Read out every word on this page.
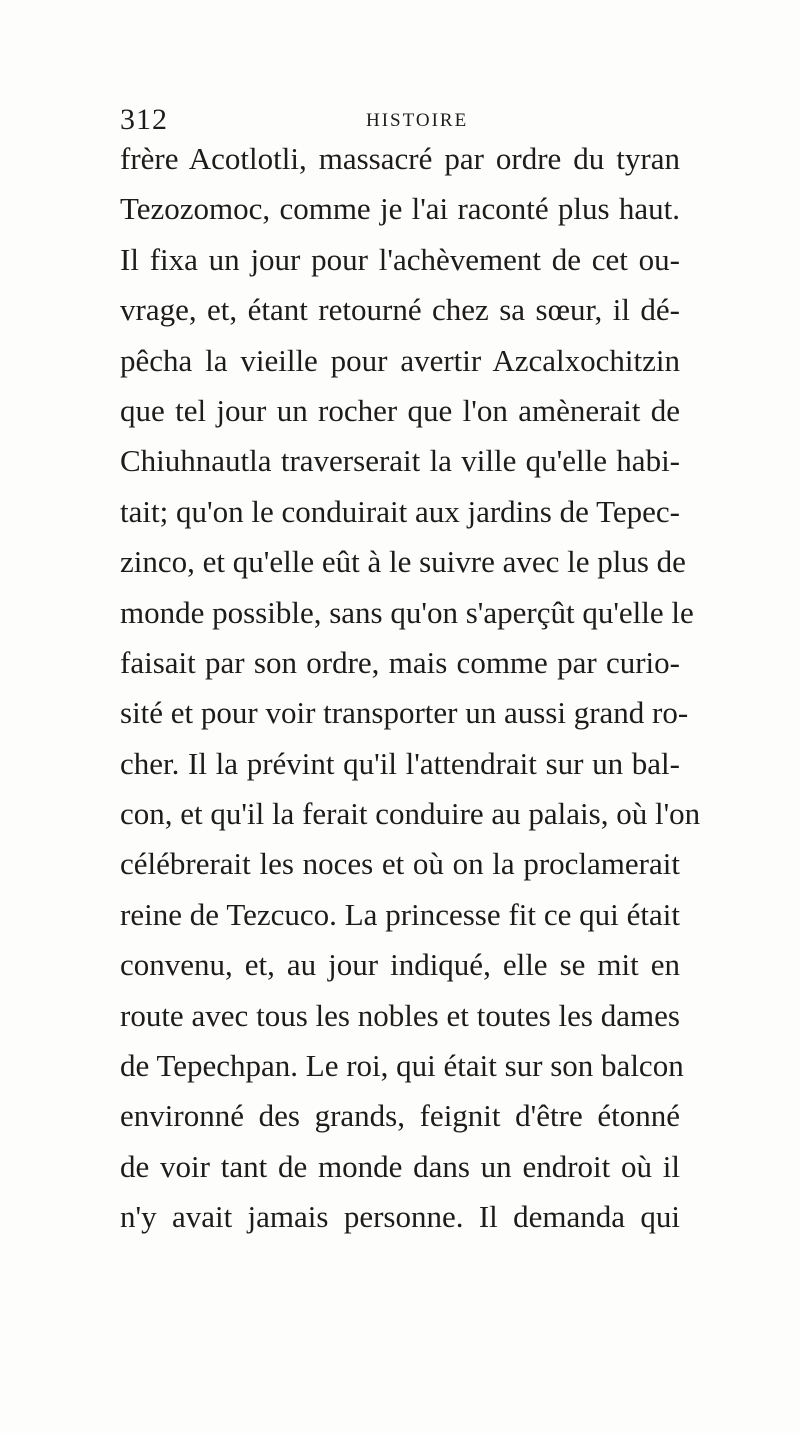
312	HISTOIRE
frère Acotlotli, massacré par ordre du tyran
Tezozomoc, comme je l'ai raconté plus haut.
Il fixa un jour pour l'achèvement de cet ou-
vrage, et, étant retourné chez sa sœur, il dé-
pêcha la vieille pour avertir Azcalxochitzin
que tel jour un rocher que l'on amènerait de
Chiuhnautla traverserait la ville qu'elle habi-
tait; qu'on le conduirait aux jardins de Tepec-
zinco, et qu'elle eût à le suivre avec le plus de
monde possible, sans qu'on s'aperçût qu'elle le
faisait par son ordre, mais comme par curio-
sité et pour voir transporter un aussi grand ro-
cher. Il la prévint qu'il l'attendrait sur un bal-
con, et qu'il la ferait conduire au palais, où l'on
célébrerait les noces et où on la proclamerait
reine de Tezcuco. La princesse fit ce qui était
convenu, et, au jour indiqué, elle se mit en
route avec tous les nobles et toutes les dames
de Tepechpan. Le roi, qui était sur son balcon
environné des grands, feignit d'être étonné
de voir tant de monde dans un endroit où il
n'y avait jamais personne. Il demanda qui
